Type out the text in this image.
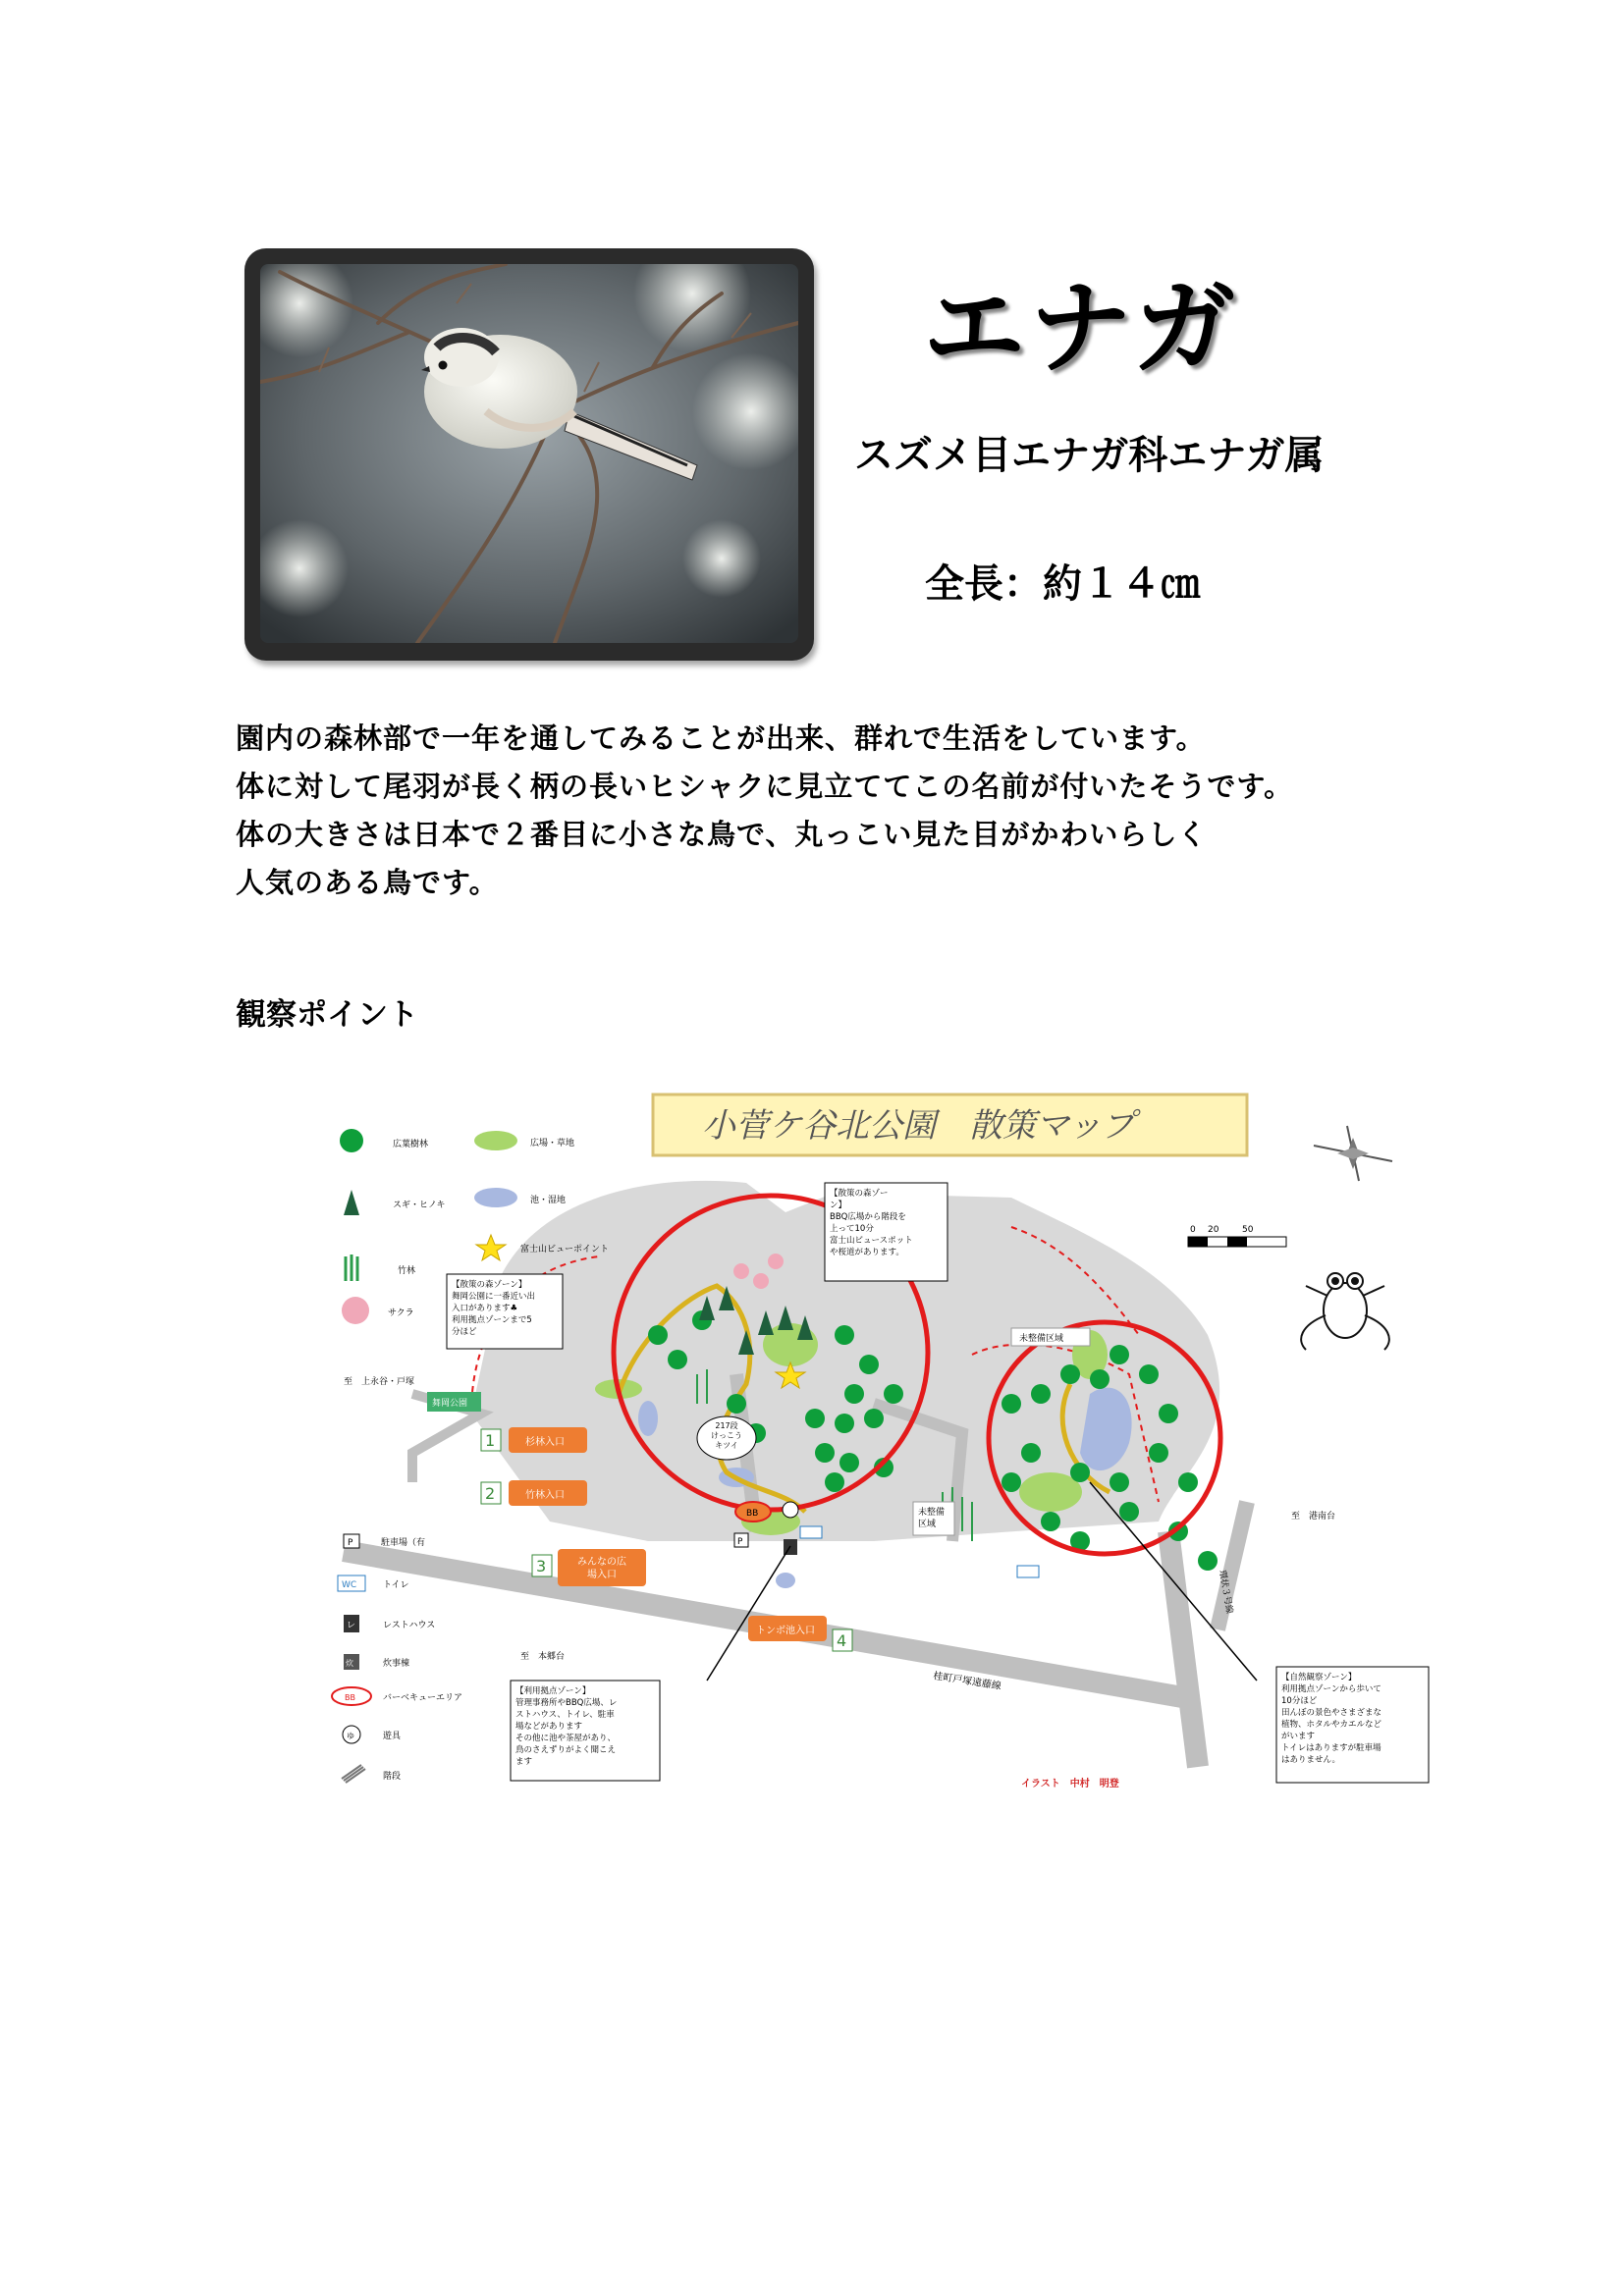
エナガ
スズメ目エナガ科エナガ属
全長：約１４㎝
園内の森林部で一年を通してみることが出来、群れで生活をしています。
体に対して尾羽が長く柄の長いヒシャクに見立ててこの名前が付いたそうです。
体の大きさは日本で２番目に小さな鳥で、丸っこい見た目がかわいらしく
人気のある鳥です。
観察ポイント
小菅ケ谷北公園　散策マップ
0 20	50
桂町戸塚遠藤線
環状３号線
217段けっこうキツイ
至　上永谷・戸塚
舞岡公園
至　本郷台
至　港南台
未整備区域
未整備区域
イラスト　中村　明登
1	杉林入口
2	竹林入口
3	みんなの広場入口
トンボ池入口
4
BB
P
広葉樹林
スギ・ヒノキ
竹林
サクラ
広場・草地
池・湿地
富士山ビューポイント
P	駐車場（有
WC	トイレ
レ	レストハウス
炊	炊事棟
BB	バーベキューエリア
ゆ	遊具
階段
【散策の森ゾーン】 舞岡公園に一番近い出 入口があります♣ 利用拠点ゾーンまで5 分ほど
【散策の森ゾー ン】 BBQ広場から階段を 上って10分 富士山ビュースポット や桜道があります。
【利用拠点ゾーン】 管理事務所やBBQ広場、レ ストハウス、トイレ、駐車 場などがあります その他に池や茶屋があり、 鳥のさえずりがよく聞こえ ます
【自然観察ゾーン】 利用拠点ゾーンから歩いて 10分ほど 田んぼの景色やさまざまな 植物、ホタルやカエルなど がいます トイレはありますが駐車場 はありません。
